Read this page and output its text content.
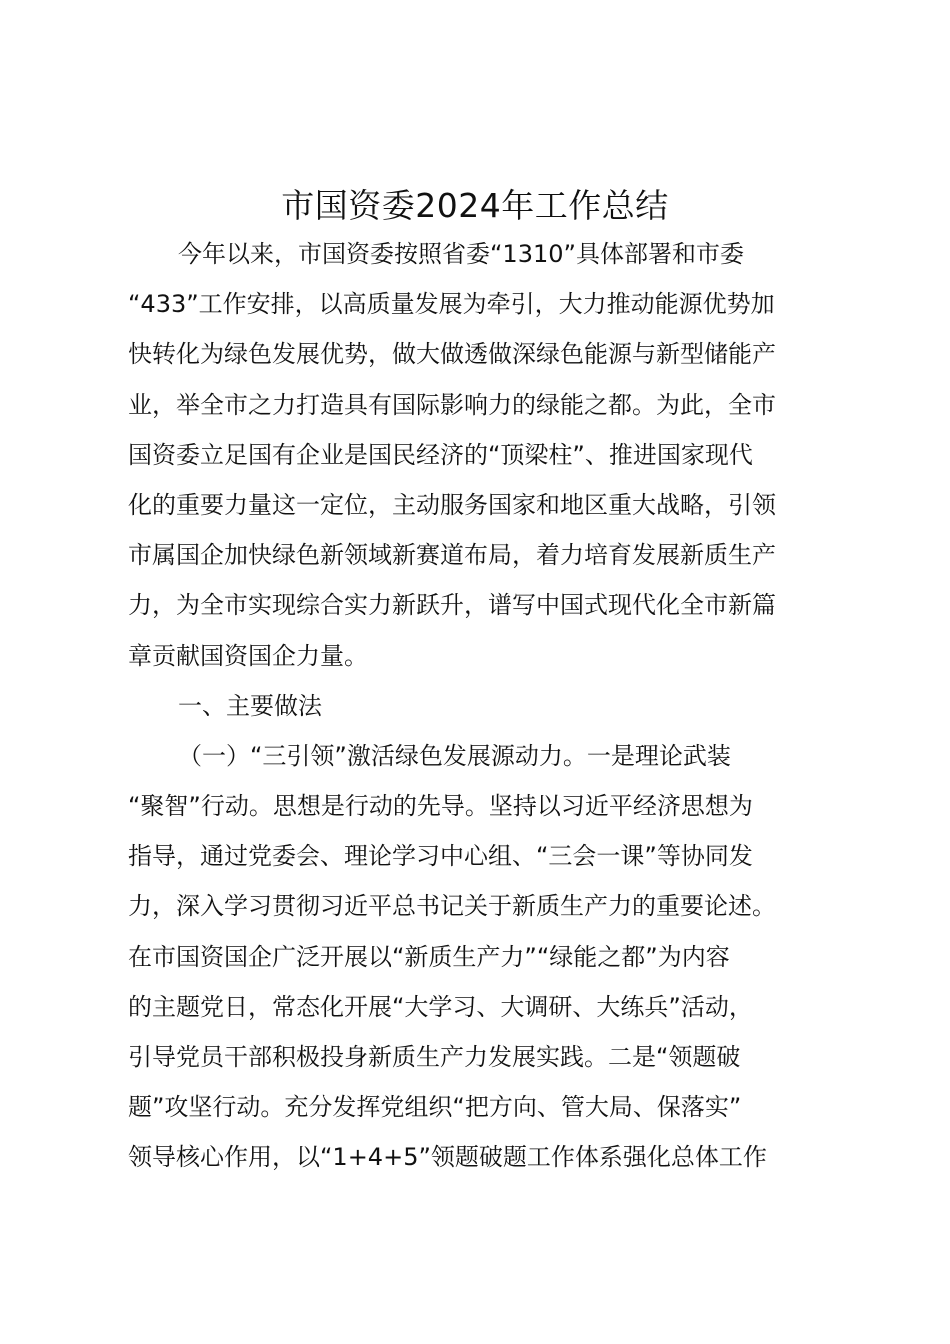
市国资委2024年工作总结
今年以来，市国资委按照省委“1310”具体部署和市委
“433”工作安排，以高质量发展为牵引，大力推动能源优势加
快转化为绿色发展优势，做大做透做深绿色能源与新型储能产
业，举全市之力打造具有国际影响力的绿能之都。为此，全市
国资委立足国有企业是国民经济的“顶梁柱”、推进国家现代
化的重要力量这一定位，主动服务国家和地区重大战略，引领
市属国企加快绿色新领域新赛道布局，着力培育发展新质生产
力，为全市实现综合实力新跃升，谱写中国式现代化全市新篇
章贡献国资国企力量。
一、主要做法
（一）“三引领”激活绿色发展源动力。一是理论武装
“聚智”行动。思想是行动的先导。坚持以习近平经济思想为
指导，通过党委会、理论学习中心组、“三会一课”等协同发
力，深入学习贯彻习近平总书记关于新质生产力的重要论述。
在市国资国企广泛开展以“新质生产力”“绿能之都”为内容
的主题党日，常态化开展“大学习、大调研、大练兵”活动，
引导党员干部积极投身新质生产力发展实践。二是“领题破
题”攻坚行动。充分发挥党组织“把方向、管大局、保落实”
领导核心作用，以“1+4+5”领题破题工作体系强化总体工作
